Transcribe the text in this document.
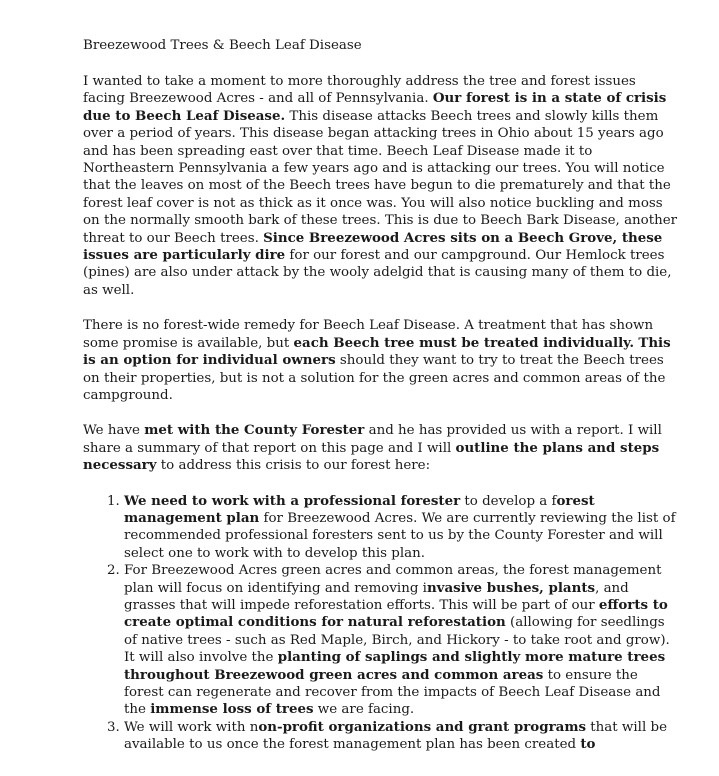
Breezewood Trees & Beech Leaf Disease

I wanted to take a moment to more thoroughly address the tree and forest issues facing Breezewood Acres - and all of Pennsylvania. Our forest is in a state of crisis due to Beech Leaf Disease. This disease attacks Beech trees and slowly kills them over a period of years. This disease began attacking trees in Ohio about 15 years ago and has been spreading east over that time. Beech Leaf Disease made it to Northeastern Pennsylvania a few years ago and is attacking our trees. You will notice that the leaves on most of the Beech trees have begun to die prematurely and that the forest leaf cover is not as thick as it once was. You will also notice buckling and moss on the normally smooth bark of these trees. This is due to Beech Bark Disease, another threat to our Beech trees. Since Breezewood Acres sits on a Beech Grove, these issues are particularly dire for our forest and our campground. Our Hemlock trees (pines) are also under attack by the wooly adelgid that is causing many of them to die, as well.

There is no forest-wide remedy for Beech Leaf Disease. A treatment that has shown some promise is available, but each Beech tree must be treated individually. This is an option for individual owners should they want to try to treat the Beech trees on their properties, but is not a solution for the green acres and common areas of the campground.

We have met with the County Forester and he has provided us with a report. I will share a summary of that report on this page and I will outline the plans and steps necessary to address this crisis to our forest here:

1. We need to work with a professional forester to develop a forest management plan for Breezewood Acres. We are currently reviewing the list of recommended professional foresters sent to us by the County Forester and will select one to work with to develop this plan.
2. For Breezewood Acres green acres and common areas, the forest management plan will focus on identifying and removing invasive bushes, plants, and grasses that will impede reforestation efforts. This will be part of our efforts to create optimal conditions for natural reforestation (allowing for seedlings of native trees - such as Red Maple, Birch, and Hickory - to take root and grow). It will also involve the planting of saplings and slightly more mature trees throughout Breezewood green acres and common areas to ensure the forest can regenerate and recover from the impacts of Beech Leaf Disease and the immense loss of trees we are facing.
3. We will work with non-profit organizations and grant programs that will be available to us once the forest management plan has been created to
